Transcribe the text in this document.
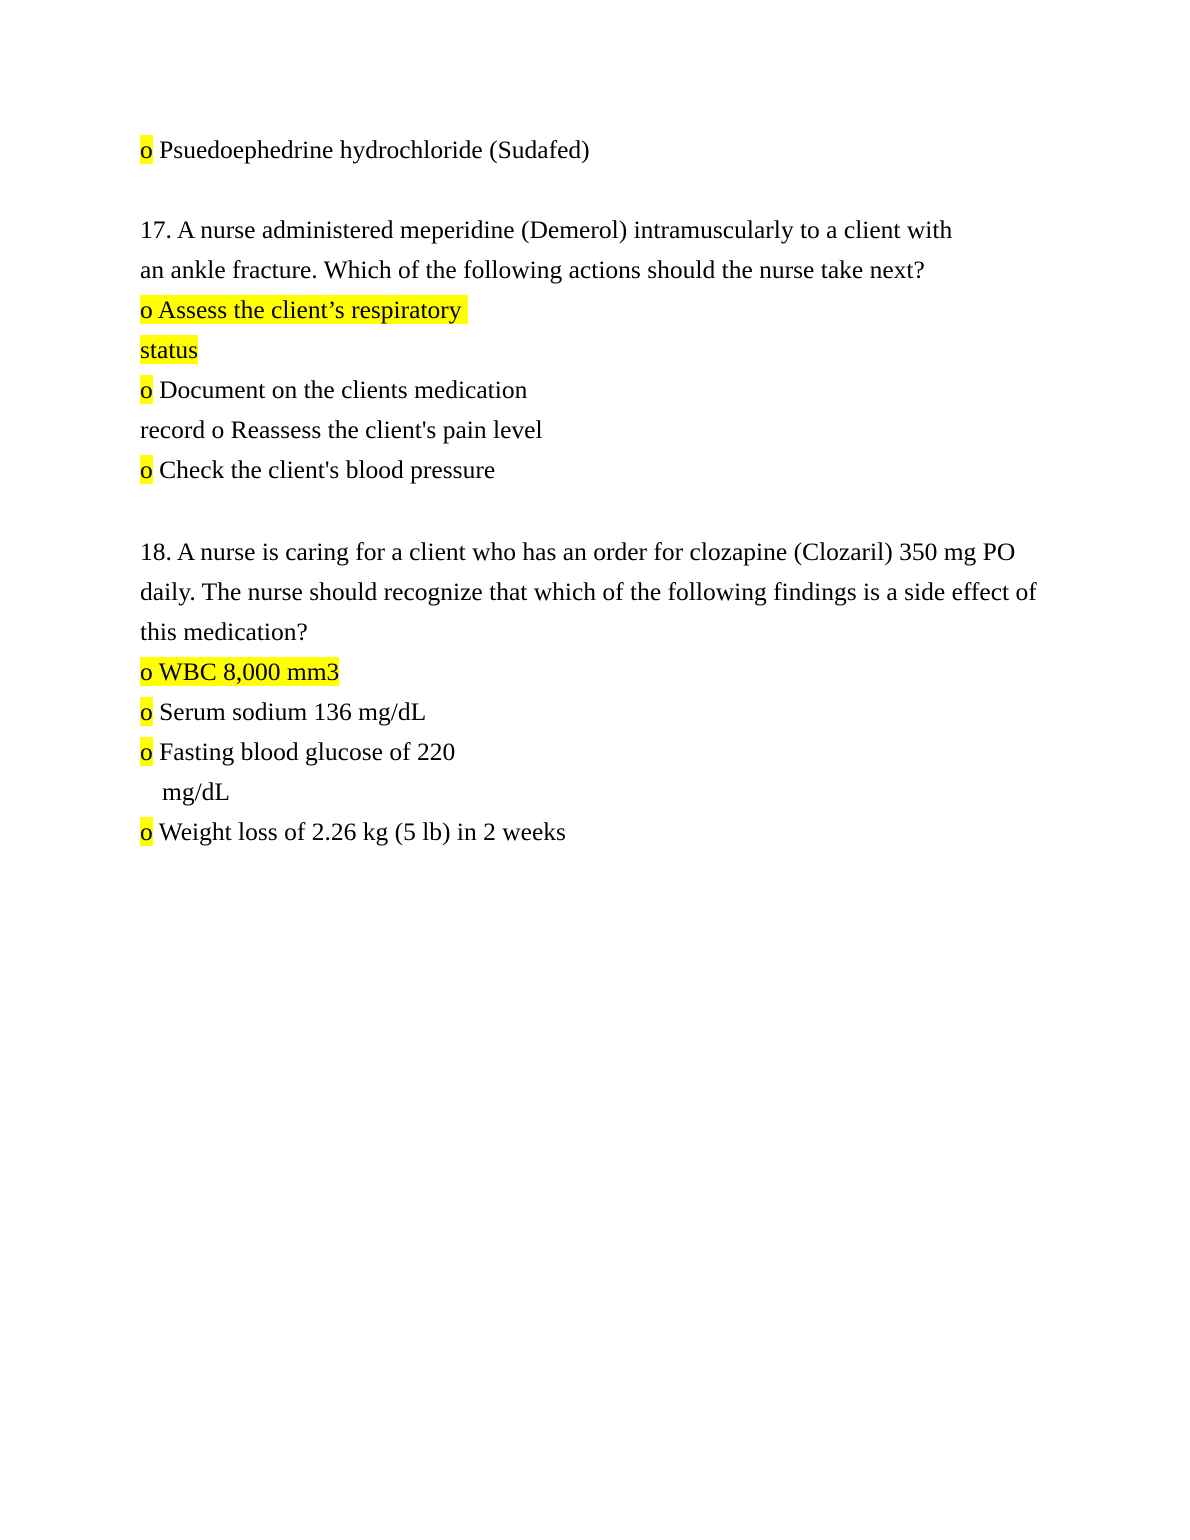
o Psuedoephedrine hydrochloride (Sudafed)
17. A nurse administered meperidine (Demerol) intramuscularly to a client with
an ankle fracture. Which of the following actions should the nurse take next?
o Assess the client’s respiratory
status
o Document on the clients medication
record o Reassess the client's pain level
o Check the client's blood pressure
18. A nurse is caring for a client who has an order for clozapine (Clozaril) 350 mg PO
daily. The nurse should recognize that which of the following findings is a side effect of
this medication?
o WBC 8,000 mm3
o Serum sodium 136 mg/dL
o Fasting blood glucose of 220
mg/dL
o Weight loss of 2.26 kg (5 lb) in 2 weeks
